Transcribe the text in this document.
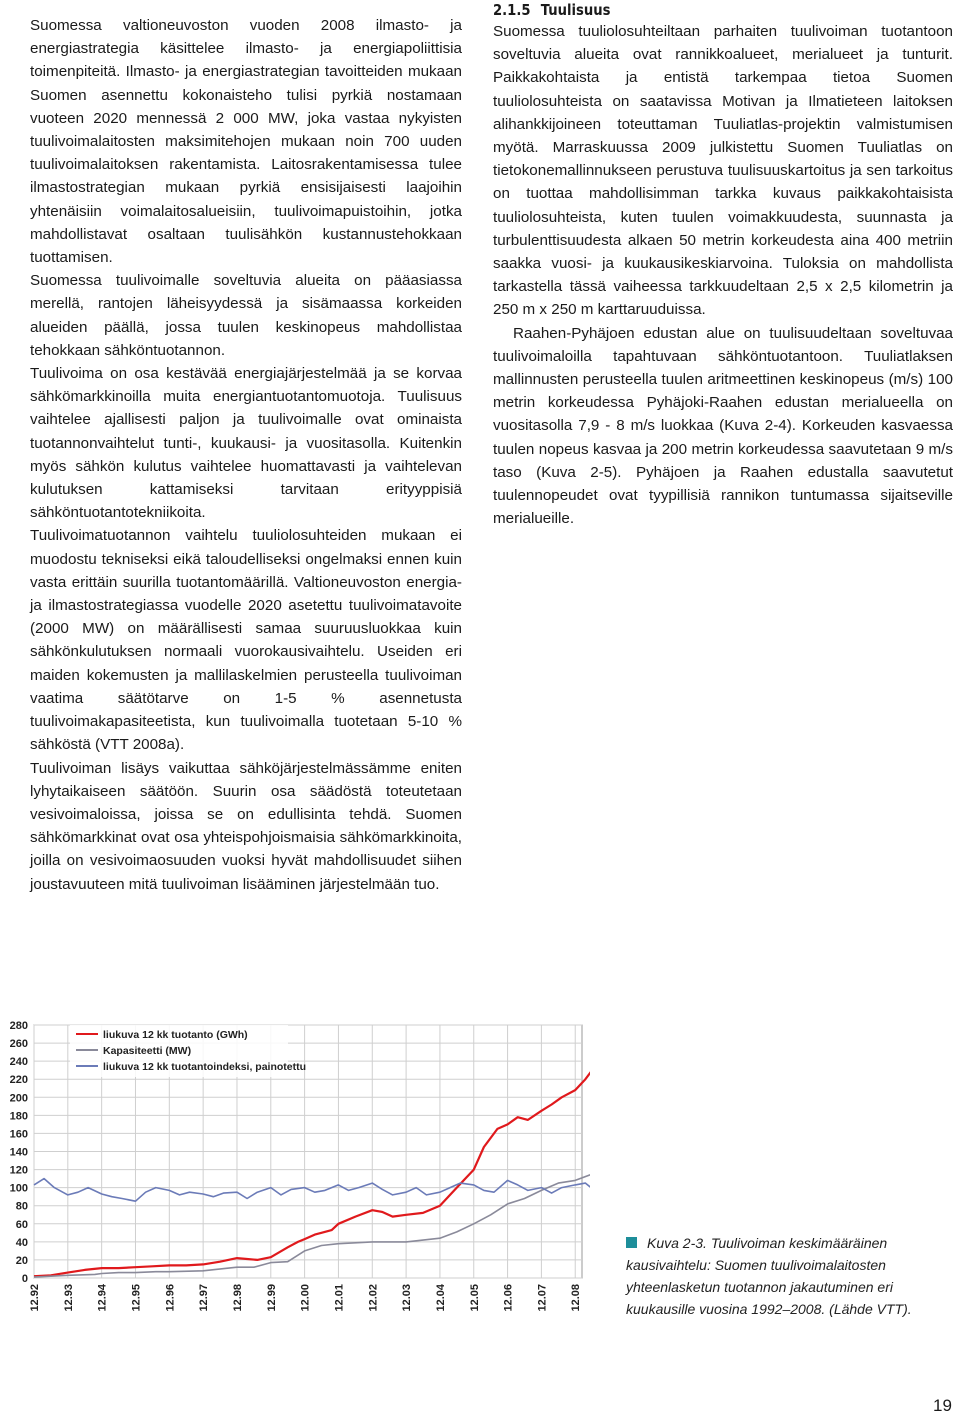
Suomessa valtioneuvoston vuoden 2008 ilmasto- ja energiastrategia käsittelee ilmasto- ja energiapoliittisia toimenpiteitä. Ilmasto- ja energiastrategian tavoitteiden mukaan Suomen asennettu kokonaisteho tulisi pyrkiä nostamaan vuoteen 2020 mennessä 2 000 MW, joka vastaa nykyisten tuulivoimalaitosten maksimitehojen mukaan noin 700 uuden tuulivoimalaitoksen rakentamista. Laitosrakentamisessa tulee ilmastostrategian mukaan pyrkiä ensisijaisesti laajoihin yhtenäisiin voimalaitosalueisiin, tuulivoimapuistoihin, jotka mahdollistavat osaltaan tuulisähkön kustannustehokkaan tuottamisen.

Suomessa tuulivoimalle soveltuvia alueita on pääasiassa merellä, rantojen läheisyydessä ja sisämaassa korkeiden alueiden päällä, jossa tuulen keskinopeus mahdollistaa tehokkaan sähköntuotannon.

Tuulivoima on osa kestävää energiajärjestelmää ja se korvaa sähkömarkkinoilla muita energiantuotantomuotoja. Tuulisuus vaihtelee ajallisesti paljon ja tuulivoimalle ovat ominaista tuotannonvaihtelut tunti-, kuukausi- ja vuositasolla. Kuitenkin myös sähkön kulutus vaihtelee huomattavasti ja vaihtelevan kulutuksen kattamiseksi tarvitaan erityyppisiä sähköntuotantotekniikoita.

Tuulivoimatuotannon vaihtelu tuuliolosuhteiden mukaan ei muodostu tekniseksi eikä taloudelliseksi ongelmaksi ennen kuin vasta erittäin suurilla tuotantomäärillä. Valtioneuvoston energia- ja ilmastostrategiassa vuodelle 2020 asetettu tuulivoimatavoite (2000 MW) on määrällisesti samaa suuruusluokkaa kuin sähkönkulutuksen normaali vuorokausivaihtelu. Useiden eri maiden kokemusten ja mallilaskelmien perusteella tuulivoiman vaatima säätötarve on 1-5 % asennetusta tuulivoimakapasiteetista, kun tuulivoimalla tuotetaan 5-10 % sähköstä (VTT 2008a).

Tuulivoiman lisäys vaikuttaa sähköjärjestelmässämme eniten lyhytaikaiseen säätöön. Suurin osa säädöstä toteutetaan vesivoimaloissa, joissa se on edullisinta tehdä. Suomen sähkömarkkinat ovat osa yhteispohjoismaisia sähkömarkkinoita, joilla on vesivoimaosuuden vuoksi hyvät mahdollisuudet siihen joustavuuteen mitä tuulivoiman lisääminen järjestelmään tuo.

2.1.5 Tuulisuus

Suomessa tuuliolosuhteiltaan parhaiten tuulivoiman tuotantoon soveltuvia alueita ovat rannikkoalueet, merialueet ja tunturit. Paikkakohtaista ja entistä tarkempaa tietoa Suomen tuuliolosuhteista on saatavissa Motivan ja Ilmatieteen laitoksen alihankkijoineen toteuttaman Tuuliatlas-projektin valmistumisen myötä. Marraskuussa 2009 julkistettu Suomen Tuuliatlas on tietokonemallinnukseen perustuva tuulisuuskartoitus ja sen tarkoitus on tuottaa mahdollisimman tarkka kuvaus paikkakohtaisista tuuliolosuhteista, kuten tuulen voimakkuudesta, suunnasta ja turbulenttisuudesta alkaen 50 metrin korkeudesta aina 400 metriin saakka vuosi- ja kuukausikeskiarvoina. Tuloksia on mahdollista tarkastella tässä vaiheessa tarkkuudeltaan 2,5 x 2,5 kilometrin ja 250 m x 250 m karttaruuduissa.

Raahen-Pyhäjoen edustan alue on tuulisuudeltaan soveltuvaa tuulivoimaloilla tapahtuvaan sähköntuotantoon. Tuuliatlaksen mallinnusten perusteella tuulen aritmeettinen keskinopeus (m/s) 100 metrin korkeudessa Pyhäjoki-Raahen edustan merialueella on vuositasolla 7,9 - 8 m/s luokkaa (Kuva 2-4). Korkeuden kasvaessa tuulen nopeus kasvaa ja 200 metrin korkeudessa saavutetaan 9 m/s taso (Kuva 2-5). Pyhäjoen ja Raahen edustalla saavutetut tuulennopeudet ovat tyypillisiä rannikon tuntumassa sijaitseville merialueille.

280
260
240
220
200
180
160
140
120
100
80
60
40
20
0
12.92 12.93 12.94 12.95 12.96 12.97 12.98 12.99 12.00 12.01 12.02 12.03 12.04 12.05 12.06 12.07 12.08
liukuva 12 kk tuotanto (GWh)
Kapasiteetti (MW)
liukuva 12 kk tuotantoindeksi, painotettu
Kuva 2-3. Tuulivoiman keskimääräinen kausivaihtelu: Suomen tuulivoimalaitosten yhteenlasketun tuotannon jakautuminen eri kuukausille vuosina 1992–2008. (Lähde VTT).
19
